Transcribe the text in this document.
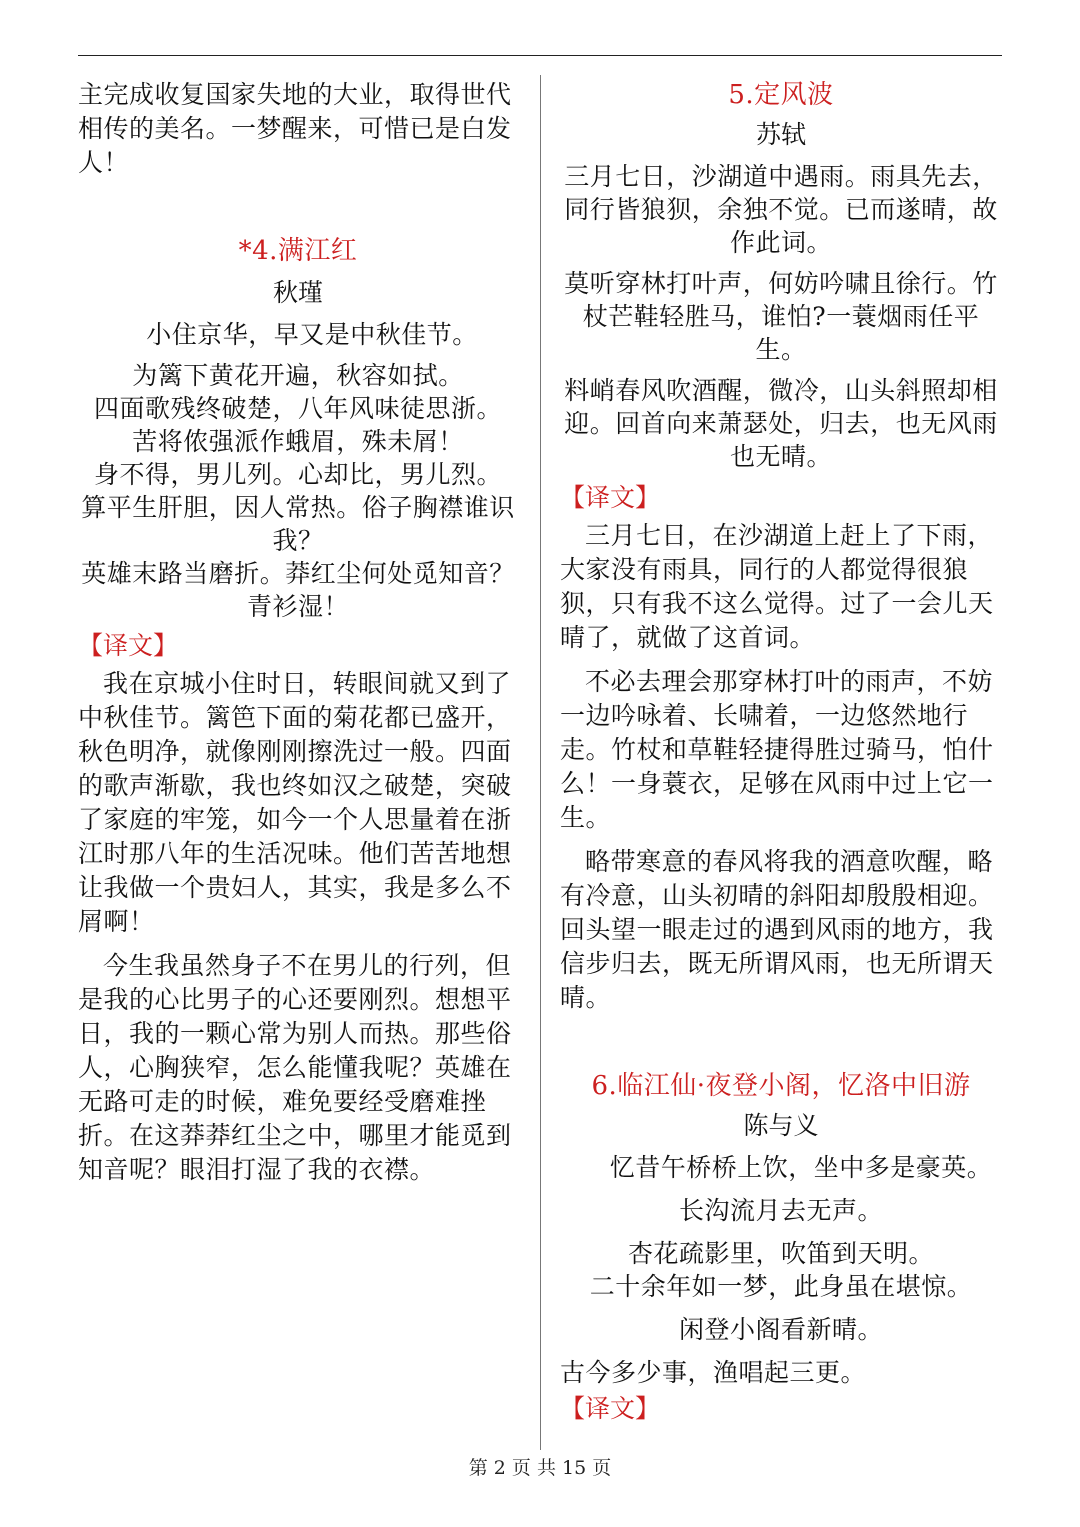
主完成收复国家失地的大业，取得世代相传的美名。一梦醒来，可惜已是白发人！

*4.满江红

秋瑾

小住京华，早又是中秋佳节。

为篱下黄花开遍，秋容如拭。

四面歌残终破楚，八年风味徒思浙。

苦将侬强派作蛾眉，殊未屑！

身不得，男儿列。心却比，男儿烈。

算平生肝胆，因人常热。俗子胸襟谁识我？

英雄末路当磨折。莽红尘何处觅知音？青衫湿！

【译文】

我在京城小住时日，转眼间就又到了中秋佳节。篱笆下面的菊花都已盛开，秋色明净，就像刚刚擦洗过一般。四面的歌声渐歇，我也终如汉之破楚，突破了家庭的牢笼，如今一个人思量着在浙江时那八年的生活况味。他们苦苦地想让我做一个贵妇人，其实，我是多么不屑啊！

今生我虽然身子不在男儿的行列，但是我的心比男子的心还要刚烈。想想平日，我的一颗心常为别人而热。那些俗人，心胸狭窄，怎么能懂我呢？英雄在无路可走的时候，难免要经受磨难挫折。在这莽莽红尘之中，哪里才能觅到知音呢？眼泪打湿了我的衣襟。

5.定风波

苏轼

三月七日，沙湖道中遇雨。雨具先去，同行皆狼狈，余独不觉。已而遂晴，故作此词。

莫听穿林打叶声，何妨吟啸且徐行。竹杖芒鞋轻胜马，谁怕?一蓑烟雨任平生。

料峭春风吹酒醒，微冷，山头斜照却相迎。回首向来萧瑟处，归去，也无风雨也无晴。

【译文】

三月七日，在沙湖道上赶上了下雨，大家没有雨具，同行的人都觉得很狼狈，只有我不这么觉得。过了一会儿天晴了，就做了这首词。

不必去理会那穿林打叶的雨声，不妨一边吟咏着、长啸着，一边悠然地行走。竹杖和草鞋轻捷得胜过骑马，怕什么！一身蓑衣，足够在风雨中过上它一生。

略带寒意的春风将我的酒意吹醒，略有冷意，山头初晴的斜阳却殷殷相迎。回头望一眼走过的遇到风雨的地方，我信步归去，既无所谓风雨，也无所谓天晴。

6.临江仙·夜登小阁，忆洛中旧游

陈与义

忆昔午桥桥上饮，坐中多是豪英。

长沟流月去无声。

杏花疏影里，吹笛到天明。

二十余年如一梦，此身虽在堪惊。

闲登小阁看新晴。

古今多少事，渔唱起三更。

【译文】

第 2 页 共 15 页
